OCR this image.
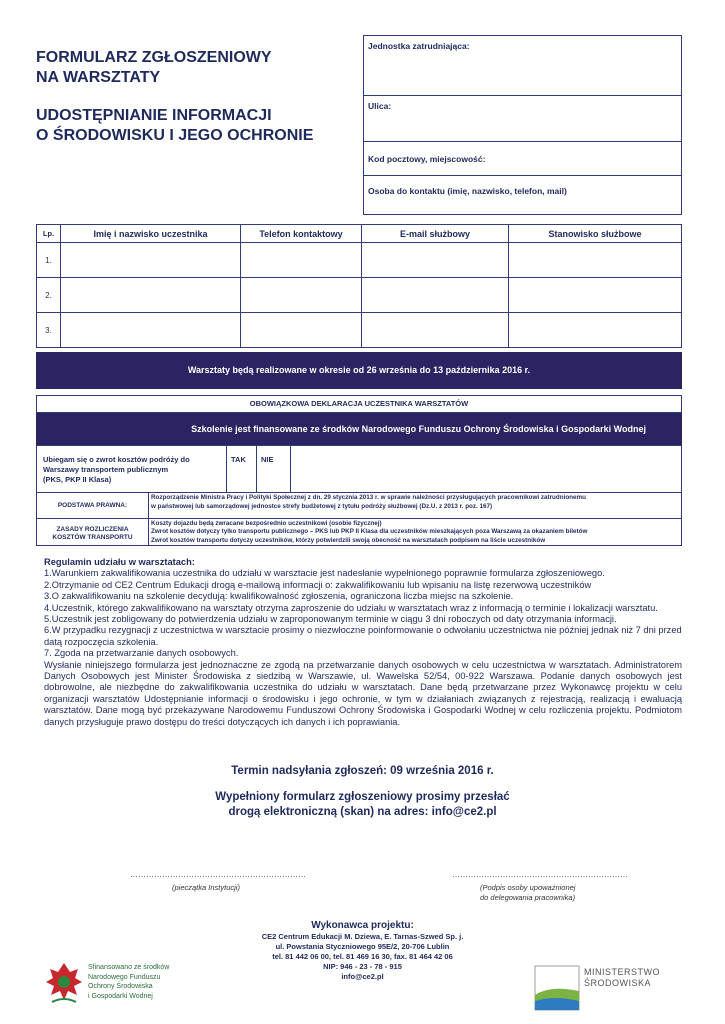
FORMULARZ ZGŁOSZENIOWY
NA WARSZTATY
UDOSTĘPNIANIE INFORMACJI
O ŚRODOWISKU I JEGO OCHRONIE
Jednostka zatrudniająca:
Ulica:
Kod pocztowy, miejscowość:
Osoba do kontaktu (imię, nazwisko, telefon, mail)
Lp.	Imię i nazwisko uczestnika	Telefon kontaktowy	E-mail służbowy	Stanowisko służbowe
1.				
2.				
3.				
Warsztaty będą realizowane w okresie od 26 września do 13 października 2016 r.
OBOWIĄZKOWA DEKLARACJA UCZESTNIKA WARSZTATÓW
Szkolenie jest finansowane ze środków Narodowego Funduszu Ochrony Środowiska i Gospodarki Wodnej
Ubiegam się o zwrot kosztów podróży do
Warszawy transportem publicznym
(PKS, PKP II Klasa)
TAK	NIE
PODSTAWA PRAWNA:
Rozporządzenie Ministra Pracy i Polityki Społecznej z dn. 29 stycznia 2013 r. w sprawie należności przysługujących pracownikowi zatrudnionemu
w państwowej lub samorządowej jednostce strefy budżetowej z tytułu podróży służbowej (Dz.U. z 2013 r. poz. 167)
ZASADY ROZLICZENIA
KOSZTÓW TRANSPORTU
Koszty dojazdu będą zwracane bezpośrednio uczestnikowi (osobie fizycznej)
Zwrot kosztów dotyczy tylko transportu publicznego – PKS lub PKP II Klasa dla uczestników mieszkających poza Warszawą za okazaniem biletów
Zwrot kosztów transportu dotyczy uczestników, którzy potwierdzili swoją obecność na warsztatach podpisem na liście uczestników

Regulamin udziału w warsztatach:

1.Warunkiem zakwalifikowania uczestnika do udziału w warsztacie jest nadesłanie wypełnionego poprawnie formularza zgłoszeniowego.

2.Otrzymanie od CE2 Centrum Edukacji drogą e-mailową informacji o: zakwalifikowaniu lub wpisaniu na listę rezerwową uczestników

3.O zakwalifikowaniu na szkolenie decydują: kwalifikowalność zgłoszenia, ograniczona liczba miejsc na szkolenie.

4.Uczestnik, którego zakwalifikowano na warsztaty otrzyma zaproszenie do udziału w warsztatach wraz z informacją o terminie i lokalizacji warsztatu.

5.Uczestnik jest zobligowany do potwierdzenia udziału w zaproponowanym terminie w ciągu 3 dni roboczych od daty otrzymania informacji.

6.W przypadku rezygnacji z uczestnictwa w warsztacie prosimy o niezwłoczne poinformowanie o odwołaniu uczestnictwa nie później jednak niż 7 dni przed datą rozpoczęcia szkolenia.

7. Zgoda na przetwarzanie danych osobowych.

Wysłanie niniejszego formularza jest jednoznaczne ze zgodą na przetwarzanie danych osobowych w celu uczestnictwa w warsztatach. Administratorem Danych Osobowych jest Minister Środowiska z siedzibą w Warszawie, ul. Wawelska 52/54, 00-922 Warszawa. Podanie danych osobowych jest dobrowolne, ale niezbędne do zakwalifikowania uczestnika do udziału w warsztatach. Dane będą przetwarzane przez Wykonawcę projektu w celu organizacji warsztatów Udostępnianie informacji o środowisku i jego ochronie, w tym w działaniach związanych z rejestracją, realizacją i ewaluacją warsztatów. Dane mogą być przekazywane Narodowemu Funduszowi Ochrony Środowiska i Gospodarki Wodnej w celu rozliczenia projektu. Podmiotom danych przysługuje prawo dostępu do treści dotyczących ich danych i ich poprawiania.

Termin nadsyłania zgłoszeń: 09 września 2016 r.
Wypełniony formularz zgłoszeniowy prosimy przesłać
drogą elektroniczną (skan) na adres: info@ce2.pl
…………………………………………………………	…………………………………………………………
(pieczątka Instytucji)	(Podpis osoby upoważnionej
do delegowania pracownika)
Wykonawca projektu:
CE2 Centrum Edukacji M. Dziewa, E. Tarnas-Szwed Sp. j.
ul. Powstania Styczniowego 95E/2, 20-706 Lublin
tel. 81 442 06 00, tel. 81 469 16 30, fax. 81 464 42 06
NIP: 946 - 23 - 78 - 915
info@ce2.pl
Sfinansowano ze środków
Narodowego Funduszu
Ochrony Środowiska
i Gospodarki Wodnej
MINISTERSTWO
ŚRODOWISKA
